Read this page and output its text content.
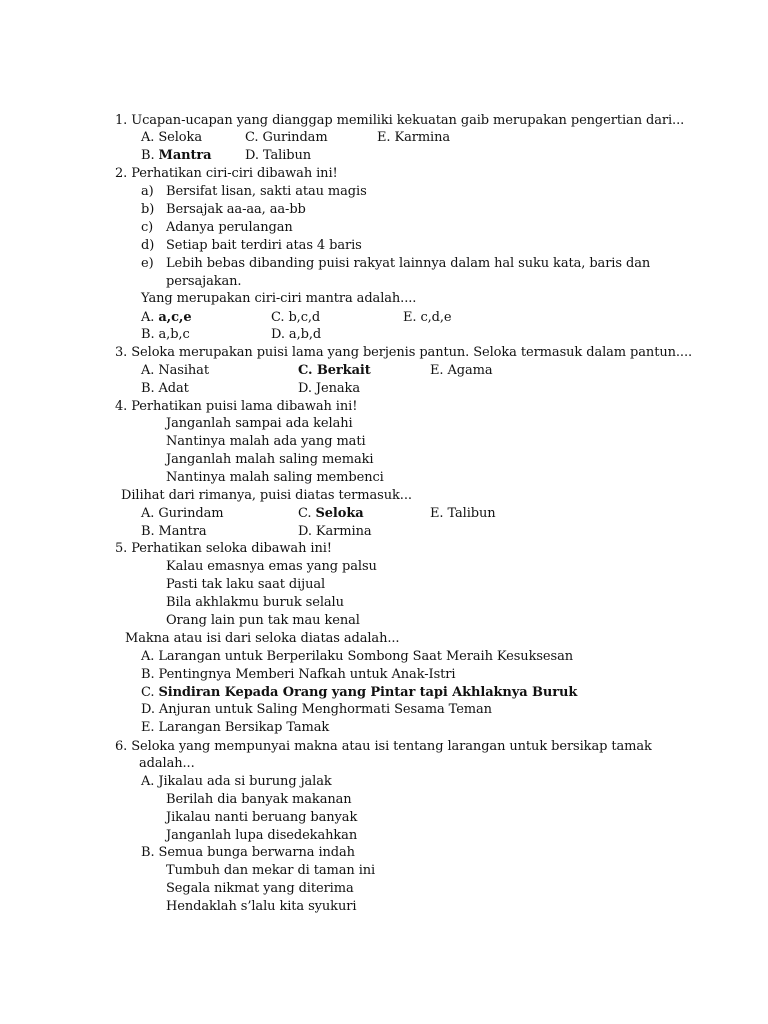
1. Ucapan-ucapan yang dianggap memiliki kekuatan gaib merupakan pengertian dari...
A. Seloka	C. Gurindam	E. Karmina
B. Mantra	D. Talibun
2. Perhatikan ciri-ciri dibawah ini!
a) Bersifat lisan, sakti atau magis
b) Bersajak aa-aa, aa-bb
c) Adanya perulangan
d) Setiap bait terdiri atas 4 baris
e) Lebih bebas dibanding puisi rakyat lainnya dalam hal suku kata, baris dan
persajakan.
Yang merupakan ciri-ciri mantra adalah....
A. a,c,e	C. b,c,d	E. c,d,e
B. a,b,c	D. a,b,d
3. Seloka merupakan puisi lama yang berjenis pantun. Seloka termasuk dalam pantun....
A. Nasihat	C. Berkait	E. Agama
B. Adat	D. Jenaka
4. Perhatikan puisi lama dibawah ini!
Janganlah sampai ada kelahi
Nantinya malah ada yang mati
Janganlah malah saling memaki
Nantinya malah saling membenci
Dilihat dari rimanya, puisi diatas termasuk...
A. Gurindam	C. Seloka	E. Talibun
B. Mantra	D. Karmina
5. Perhatikan seloka dibawah ini!
Kalau emasnya emas yang palsu
Pasti tak laku saat dijual
Bila akhlakmu buruk selalu
Orang lain pun tak mau kenal
Makna atau isi dari seloka diatas adalah...
A. Larangan untuk Berperilaku Sombong Saat Meraih Kesuksesan
B. Pentingnya Memberi Nafkah untuk Anak-Istri
C. Sindiran Kepada Orang yang Pintar tapi Akhlaknya Buruk
D. Anjuran untuk Saling Menghormati Sesama Teman
E. Larangan Bersikap Tamak
6. Seloka yang mempunyai makna atau isi tentang larangan untuk bersikap tamak
adalah...
A. Jikalau ada si burung jalak
Berilah dia banyak makanan
Jikalau nanti beruang banyak
Janganlah lupa disedekahkan
B. Semua bunga berwarna indah
Tumbuh dan mekar di taman ini
Segala nikmat yang diterima
Hendaklah s’lalu kita syukuri
